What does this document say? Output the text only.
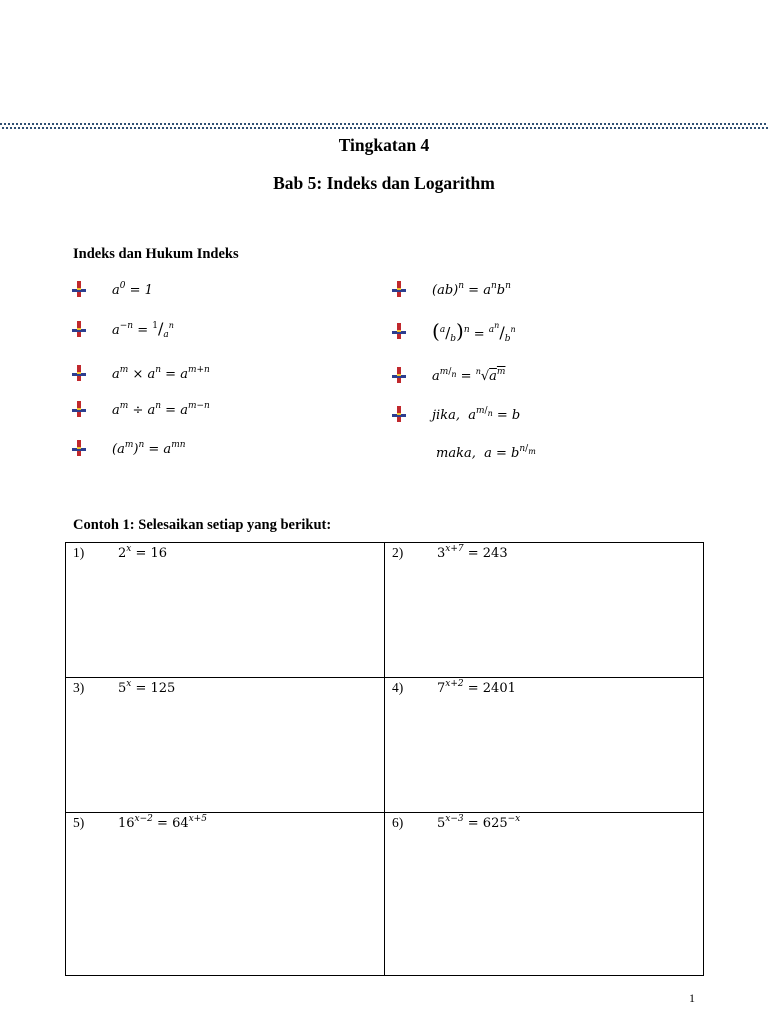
Tingkatan 4
Bab 5: Indeks dan Logarithm
Indeks dan Hukum Indeks
$a^0 = 1$
$a^{-n} = ^1/_a^n$
$a^m \times a^n = a^{m+n}$
$a^m \div a^n = a^{m-n}$
$(a^m)^n = a^{mn}$
$(ab)^n = a^nb^n$
$(^a/_b)^n = ^{an}/_b^n$
$a^{m/n} = ^n√a^m$
jika, $a^{m/n} = b$
maka, $a = b^{n/m}$
Contoh 1: Selesaikan setiap yang berikut:
1) $2^x = 16$	2) $3^{x+7} = 243$

3) $5^x = 125$	4) $7^{x+2} = 2401$

5) $16^{x-2} = 64^{x+5}$	6) $5^{x-3} = 625^{-x}$
1
